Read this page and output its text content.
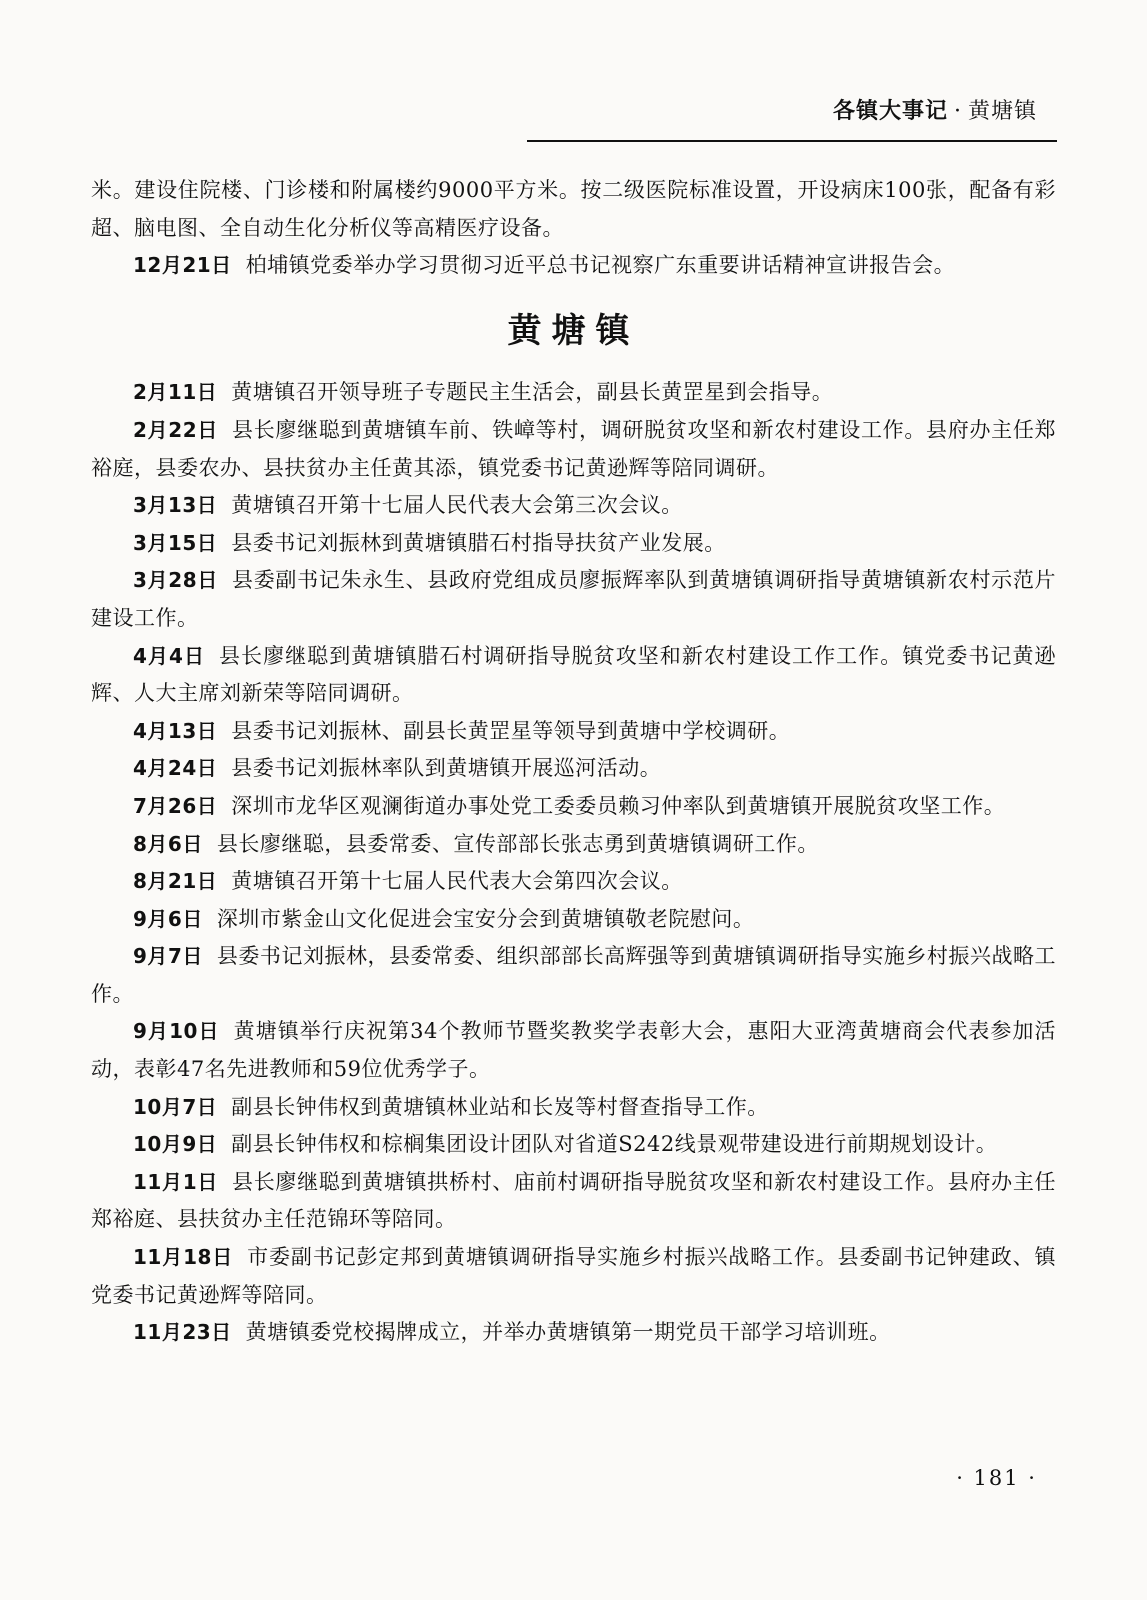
各镇大事记 · 黄塘镇

米。建设住院楼、门诊楼和附属楼约9000平方米。按二级医院标准设置，开设病床100张，配备有彩超、脑电图、全自动生化分析仪等高精医疗设备。

12月21日 柏埔镇党委举办学习贯彻习近平总书记视察广东重要讲话精神宣讲报告会。

黄塘镇

2月11日 黄塘镇召开领导班子专题民主生活会，副县长黄罡星到会指导。

2月22日 县长廖继聪到黄塘镇车前、铁嶂等村，调研脱贫攻坚和新农村建设工作。县府办主任郑裕庭，县委农办、县扶贫办主任黄其添，镇党委书记黄逊辉等陪同调研。

3月13日 黄塘镇召开第十七届人民代表大会第三次会议。

3月15日 县委书记刘振林到黄塘镇腊石村指导扶贫产业发展。

3月28日 县委副书记朱永生、县政府党组成员廖振辉率队到黄塘镇调研指导黄塘镇新农村示范片建设工作。

4月4日 县长廖继聪到黄塘镇腊石村调研指导脱贫攻坚和新农村建设工作工作。镇党委书记黄逊辉、人大主席刘新荣等陪同调研。

4月13日 县委书记刘振林、副县长黄罡星等领导到黄塘中学校调研。

4月24日 县委书记刘振林率队到黄塘镇开展巡河活动。

7月26日 深圳市龙华区观澜街道办事处党工委委员赖习仲率队到黄塘镇开展脱贫攻坚工作。

8月6日 县长廖继聪，县委常委、宣传部部长张志勇到黄塘镇调研工作。

8月21日 黄塘镇召开第十七届人民代表大会第四次会议。

9月6日 深圳市紫金山文化促进会宝安分会到黄塘镇敬老院慰问。

9月7日 县委书记刘振林，县委常委、组织部部长高辉强等到黄塘镇调研指导实施乡村振兴战略工作。

9月10日 黄塘镇举行庆祝第34个教师节暨奖教奖学表彰大会，惠阳大亚湾黄塘商会代表参加活动，表彰47名先进教师和59位优秀学子。

10月7日 副县长钟伟权到黄塘镇林业站和长岌等村督查指导工作。

10月9日 副县长钟伟权和棕榈集团设计团队对省道S242线景观带建设进行前期规划设计。

11月1日 县长廖继聪到黄塘镇拱桥村、庙前村调研指导脱贫攻坚和新农村建设工作。县府办主任郑裕庭、县扶贫办主任范锦环等陪同。

11月18日 市委副书记彭定邦到黄塘镇调研指导实施乡村振兴战略工作。县委副书记钟建政、镇党委书记黄逊辉等陪同。

11月23日 黄塘镇委党校揭牌成立，并举办黄塘镇第一期党员干部学习培训班。

· 181 ·
